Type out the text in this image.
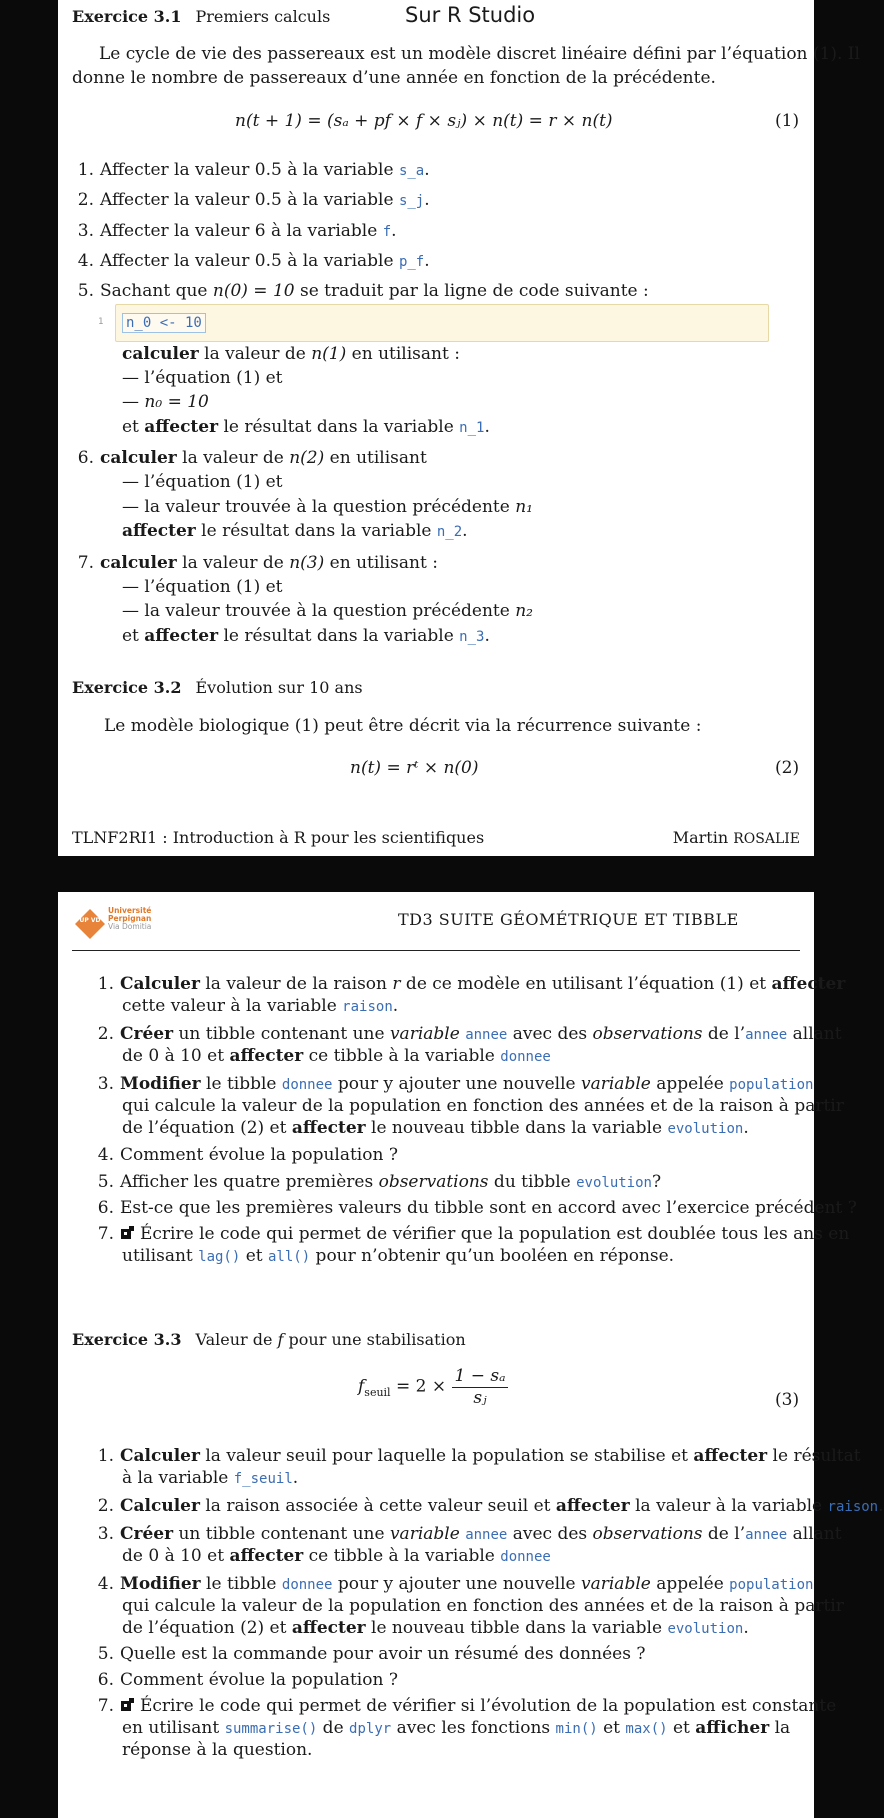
Exercice 3.1 Premiers calculs
Le cycle de vie des passereaux est un modèle discret linéaire défini par l’équation (1). Il
donne le nombre de passereaux d’une année en fonction de la précédente.
n(t + 1) = (sₐ + pf × f × sⱼ) × n(t) = r × n(t)	(1)
1. Affecter la valeur 0.5 à la variable s_a.
2. Affecter la valeur 0.5 à la variable s_j.
3. Affecter la valeur 6 à la variable f.
4. Affecter la valeur 0.5 à la variable p_f.
5. Sachant que n(0) = 10 se traduit par la ligne de code suivante :
1 n_0 <- 10
calculer la valeur de n(1) en utilisant :
— l’équation (1) et
— n₀ = 10
et affecter le résultat dans la variable n_1.
6. calculer la valeur de n(2) en utilisant
— l’équation (1) et
— la valeur trouvée à la question précédente n₁
affecter le résultat dans la variable n_2.
7. calculer la valeur de n(3) en utilisant :
— l’équation (1) et
— la valeur trouvée à la question précédente n₂
et affecter le résultat dans la variable n_3.
Exercice 3.2 Évolution sur 10 ans
Le modèle biologique (1) peut être décrit via la récurrence suivante :
n(t) = rᵗ × n(0)	(2)
TLNF2RI1 : Introduction à R pour les scientifiques	Martin ROSALIE
Sur R Studio
UP VD
Université
Perpignan
Via Domitia	TD3 SUITE GÉOMÉTRIQUE ET TIBBLE
1. Calculer la valeur de la raison r de ce modèle en utilisant l’équation (1) et affecter
cette valeur à la variable raison.
2. Créer un tibble contenant une variable annee avec des observations de l’annee allant
de 0 à 10 et affecter ce tibble à la variable donnee
3. Modifier le tibble donnee pour y ajouter une nouvelle variable appelée population
qui calcule la valeur de la population en fonction des années et de la raison à partir
de l’équation (2) et affecter le nouveau tibble dans la variable evolution.
4. Comment évolue la population ?
5. Afficher les quatre premières observations du tibble evolution?
6. Est-ce que les premières valeurs du tibble sont en accord avec l’exercice précédent ?
7. Écrire le code qui permet de vérifier que la population est doublée tous les ans en
utilisant lag() et all() pour n’obtenir qu’un booléen en réponse.
Exercice 3.3 Valeur de f pour une stabilisation
$f_{seuil} = 2 \times \frac{\text{1 − sₐ}}{\text{sⱼ}}$	(3)
1. Calculer la valeur seuil pour laquelle la population se stabilise et affecter le résultat
à la variable f_seuil.
2. Calculer la raison associée à cette valeur seuil et affecter la valeur à la variable raison.
3. Créer un tibble contenant une variable annee avec des observations de l’annee allant
de 0 à 10 et affecter ce tibble à la variable donnee
4. Modifier le tibble donnee pour y ajouter une nouvelle variable appelée population
qui calcule la valeur de la population en fonction des années et de la raison à partir
de l’équation (2) et affecter le nouveau tibble dans la variable evolution.
5. Quelle est la commande pour avoir un résumé des données ?
6. Comment évolue la population ?
7. Écrire le code qui permet de vérifier si l’évolution de la population est constante
en utilisant summarise() de dplyr avec les fonctions min() et max() et afficher la
réponse à la question.
